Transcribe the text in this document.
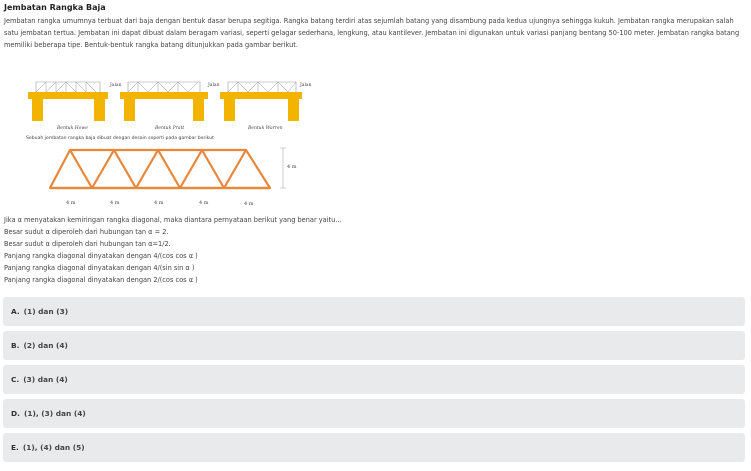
Jembatan Rangka Baja
Jembatan rangka umumnya terbuat dari baja dengan bentuk dasar berupa segitiga. Rangka batang terdiri atas sejumlah batang yang disambung pada kedua ujungnya sehingga kukuh. Jembatan rangka merupakan salah satu jembatan tertua. Jembatan ini dapat dibuat dalam beragam variasi, seperti gelagar sederhana, lengkung, atau kantilever. Jembatan ini digunakan untuk variasi panjang bentang 50-100 meter. Jembatan rangka batang memiliki beberapa tipe. Bentuk-bentuk rangka batang ditunjukkan pada gambar berikut.
Jalan
Bentuk Howe
Jalan
Bentuk Pratt
Jalan
Bentuk Warren
Sebuah jembatan rangka baja dibuat dengan desain seperti pada gambar berikut
4 m
4 m	4 m	4 m	4 m	4 m

Jika α menyatakan kemiringan rangka diagonal, maka diantara pernyataan berikut yang benar yaitu...

Besar sudut α diperoleh dari hubungan tan α = 2.

Besar sudut α diperoleh dari hubungan tan α=1/2.

Panjang rangka diagonal dinyatakan dengan 4/(cos cos α )

Panjang rangka diagonal dinyatakan dengan 4/(sin sin α )

Panjang rangka diagonal dinyatakan dengan 2/(cos cos α )

A. (1) dan (3)
B. (2) dan (4)
C. (3) dan (4)
D. (1), (3) dan (4)
E. (1), (4) dan (5)
